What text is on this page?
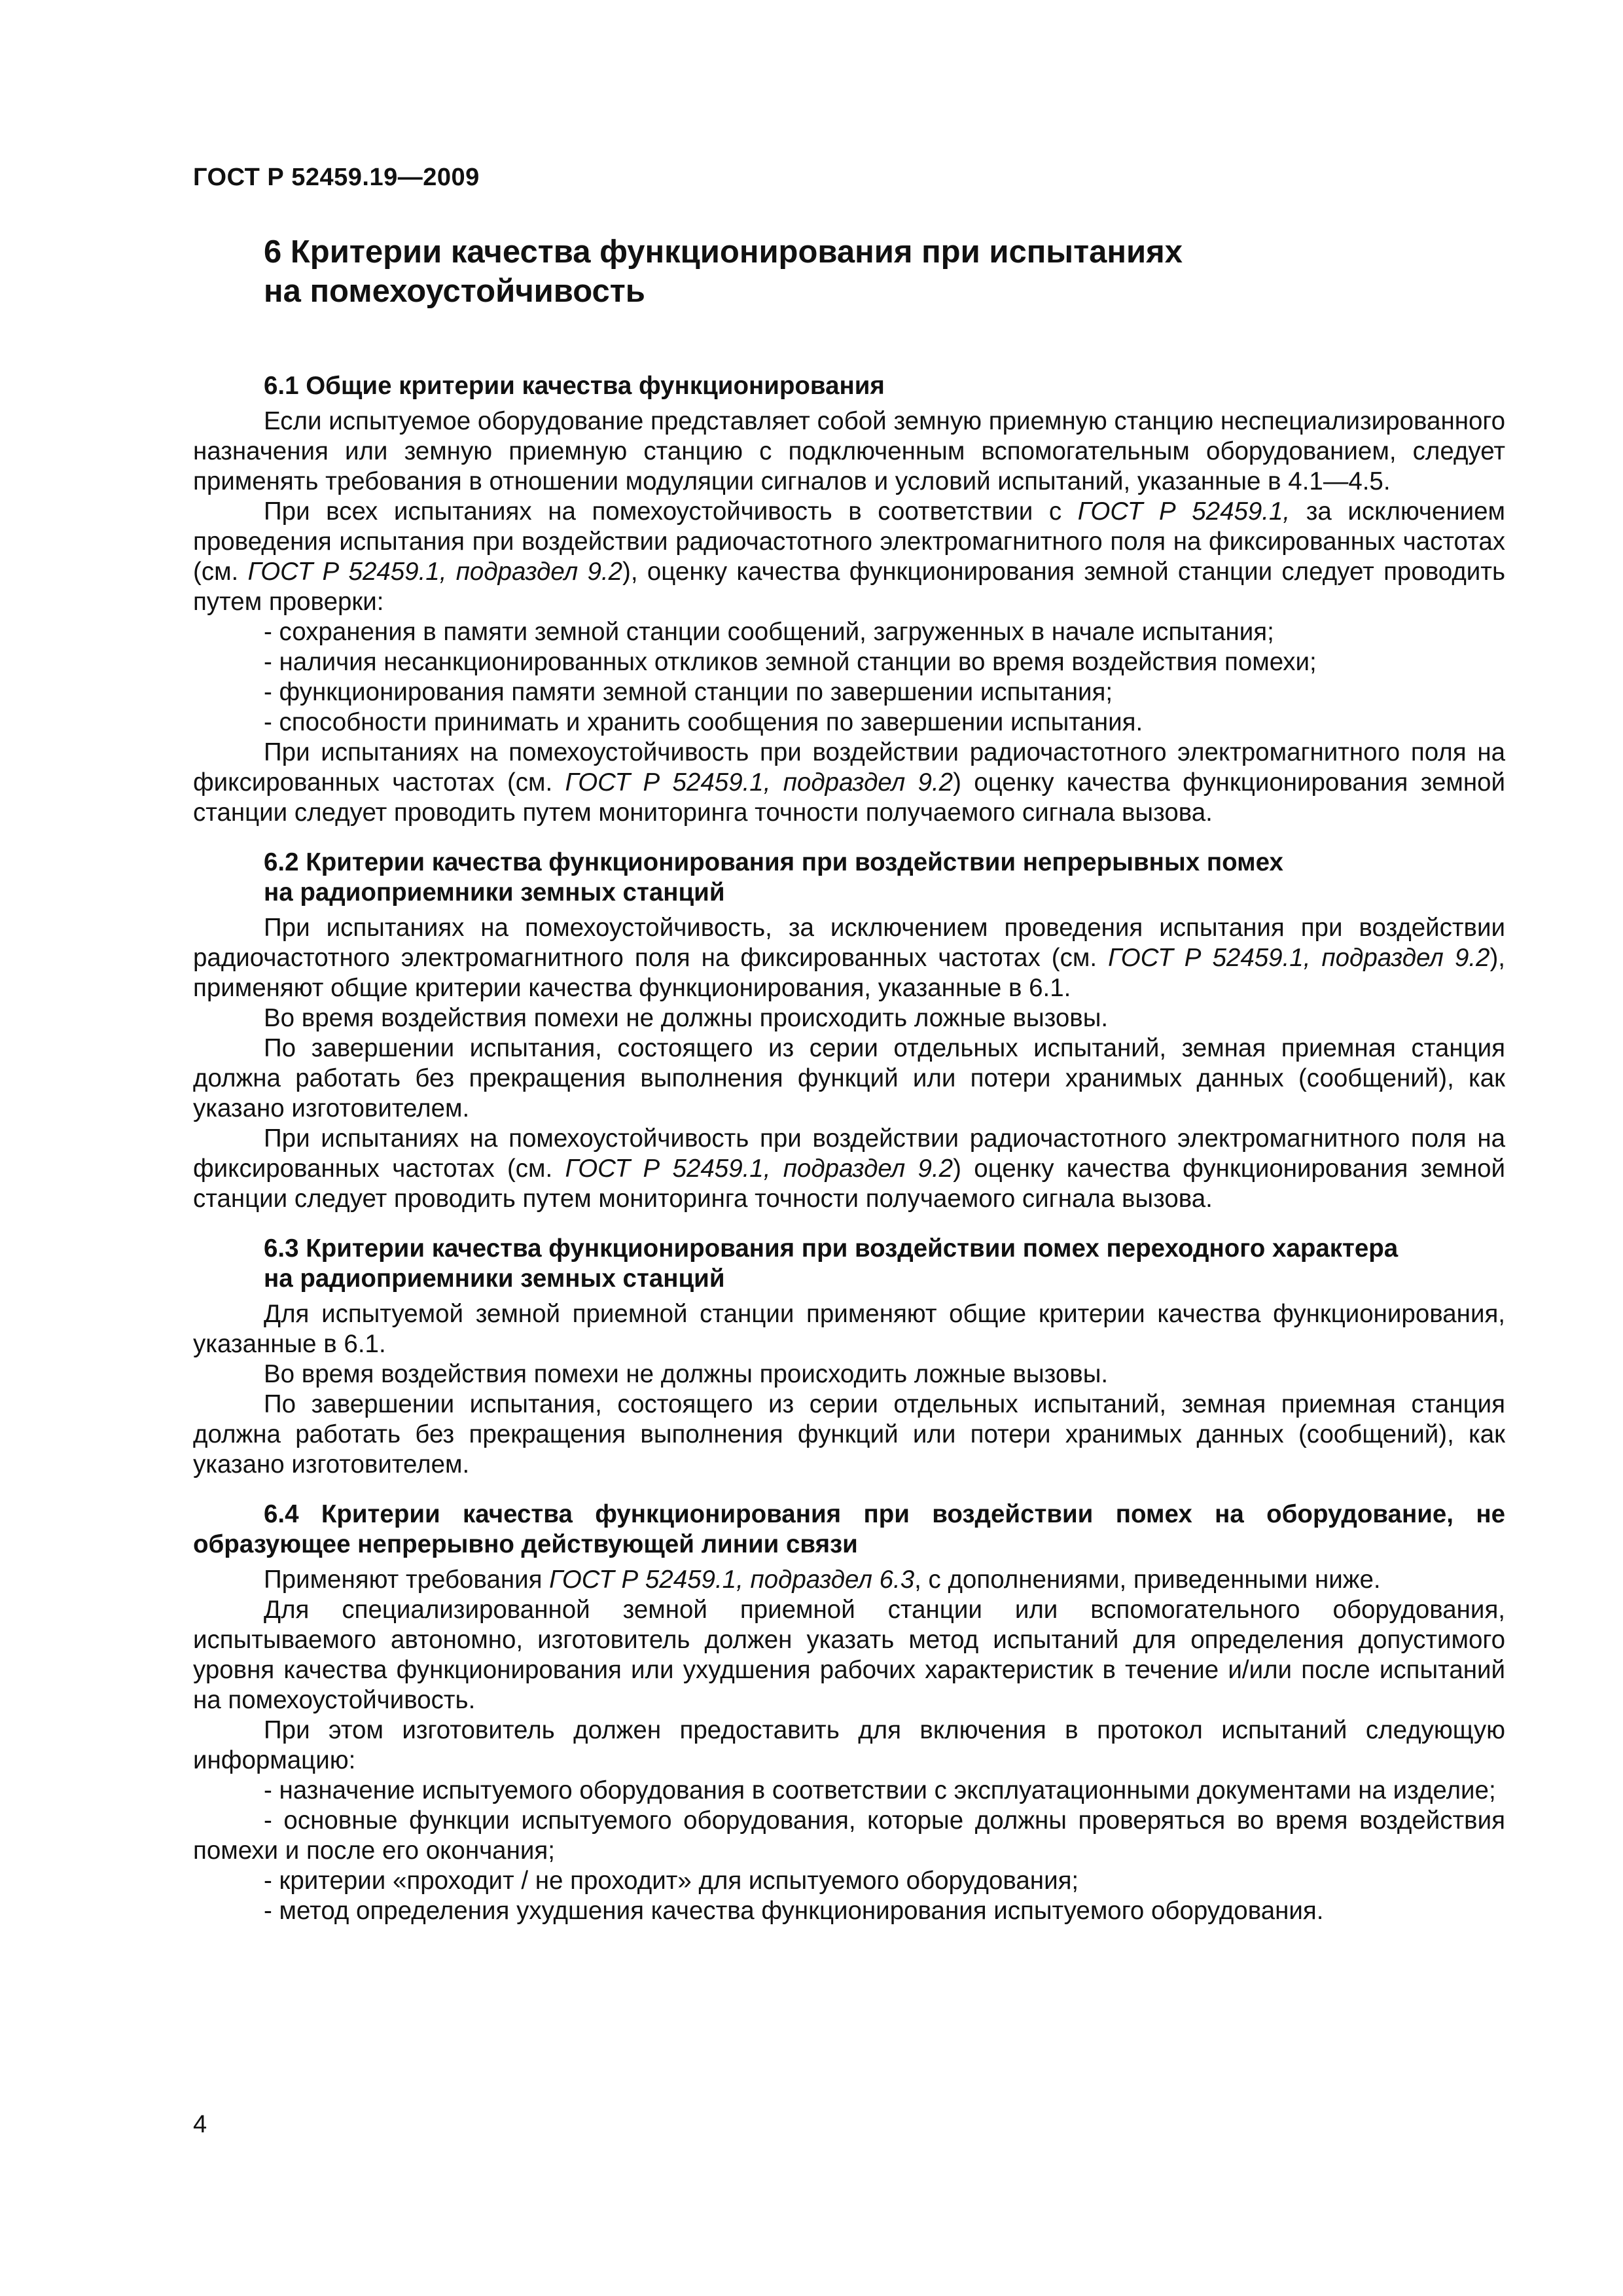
ГОСТ Р 52459.19—2009
6 Критерии качества функционирования при испытаниях
на помехоустойчивость
6.1 Общие критерии качества функционирования

Если испытуемое оборудование представляет собой земную приемную станцию неспециализированного назначения или земную приемную станцию с подключенным вспомогательным оборудованием, следует применять требования в отношении модуляции сигналов и условий испытаний, указанные в 4.1—4.5.

При всех испытаниях на помехоустойчивость в соответствии с ГОСТ Р 52459.1, за исключением проведения испытания при воздействии радиочастотного электромагнитного поля на фиксированных частотах (см. ГОСТ Р 52459.1, подраздел 9.2), оценку качества функционирования земной станции следует проводить путем проверки:

- сохранения в памяти земной станции сообщений, загруженных в начале испытания;

- наличия несанкционированных откликов земной станции во время воздействия помехи;

- функционирования памяти земной станции по завершении испытания;

- способности принимать и хранить сообщения по завершении испытания.

При испытаниях на помехоустойчивость при воздействии радиочастотного электромагнитного поля на фиксированных частотах (см. ГОСТ Р 52459.1, подраздел 9.2) оценку качества функционирования земной станции следует проводить путем мониторинга точности получаемого сигнала вызова.

6.2 Критерии качества функционирования при воздействии непрерывных помех
на радиоприемники земных станций

При испытаниях на помехоустойчивость, за исключением проведения испытания при воздействии радиочастотного электромагнитного поля на фиксированных частотах (см. ГОСТ Р 52459.1, подраздел 9.2), применяют общие критерии качества функционирования, указанные в 6.1.

Во время воздействия помехи не должны происходить ложные вызовы.

По завершении испытания, состоящего из серии отдельных испытаний, земная приемная станция должна работать без прекращения выполнения функций или потери хранимых данных (сообщений), как указано изготовителем.

При испытаниях на помехоустойчивость при воздействии радиочастотного электромагнитного поля на фиксированных частотах (см. ГОСТ Р 52459.1, подраздел 9.2) оценку качества функционирования земной станции следует проводить путем мониторинга точности получаемого сигнала вызова.

6.3 Критерии качества функционирования при воздействии помех переходного характера
на радиоприемники земных станций

Для испытуемой земной приемной станции применяют общие критерии качества функционирования, указанные в 6.1.

Во время воздействия помехи не должны происходить ложные вызовы.

По завершении испытания, состоящего из серии отдельных испытаний, земная приемная станция должна работать без прекращения выполнения функций или потери хранимых данных (сообщений), как указано изготовителем.

6.4 Критерии качества функционирования при воздействии помех на оборудование, не образующее непрерывно действующей линии связи

Применяют требования ГОСТ Р 52459.1, подраздел 6.3, с дополнениями, приведенными ниже.

Для специализированной земной приемной станции или вспомогательного оборудования, испытываемого автономно, изготовитель должен указать метод испытаний для определения допустимого уровня качества функционирования или ухудшения рабочих характеристик в течение и/или после испытаний на помехоустойчивость.

При этом изготовитель должен предоставить для включения в протокол испытаний следующую информацию:

- назначение испытуемого оборудования в соответствии с эксплуатационными документами на изделие;

- основные функции испытуемого оборудования, которые должны проверяться во время воздействия помехи и после его окончания;

- критерии «проходит / не проходит» для испытуемого оборудования;

- метод определения ухудшения качества функционирования испытуемого оборудования.

4
